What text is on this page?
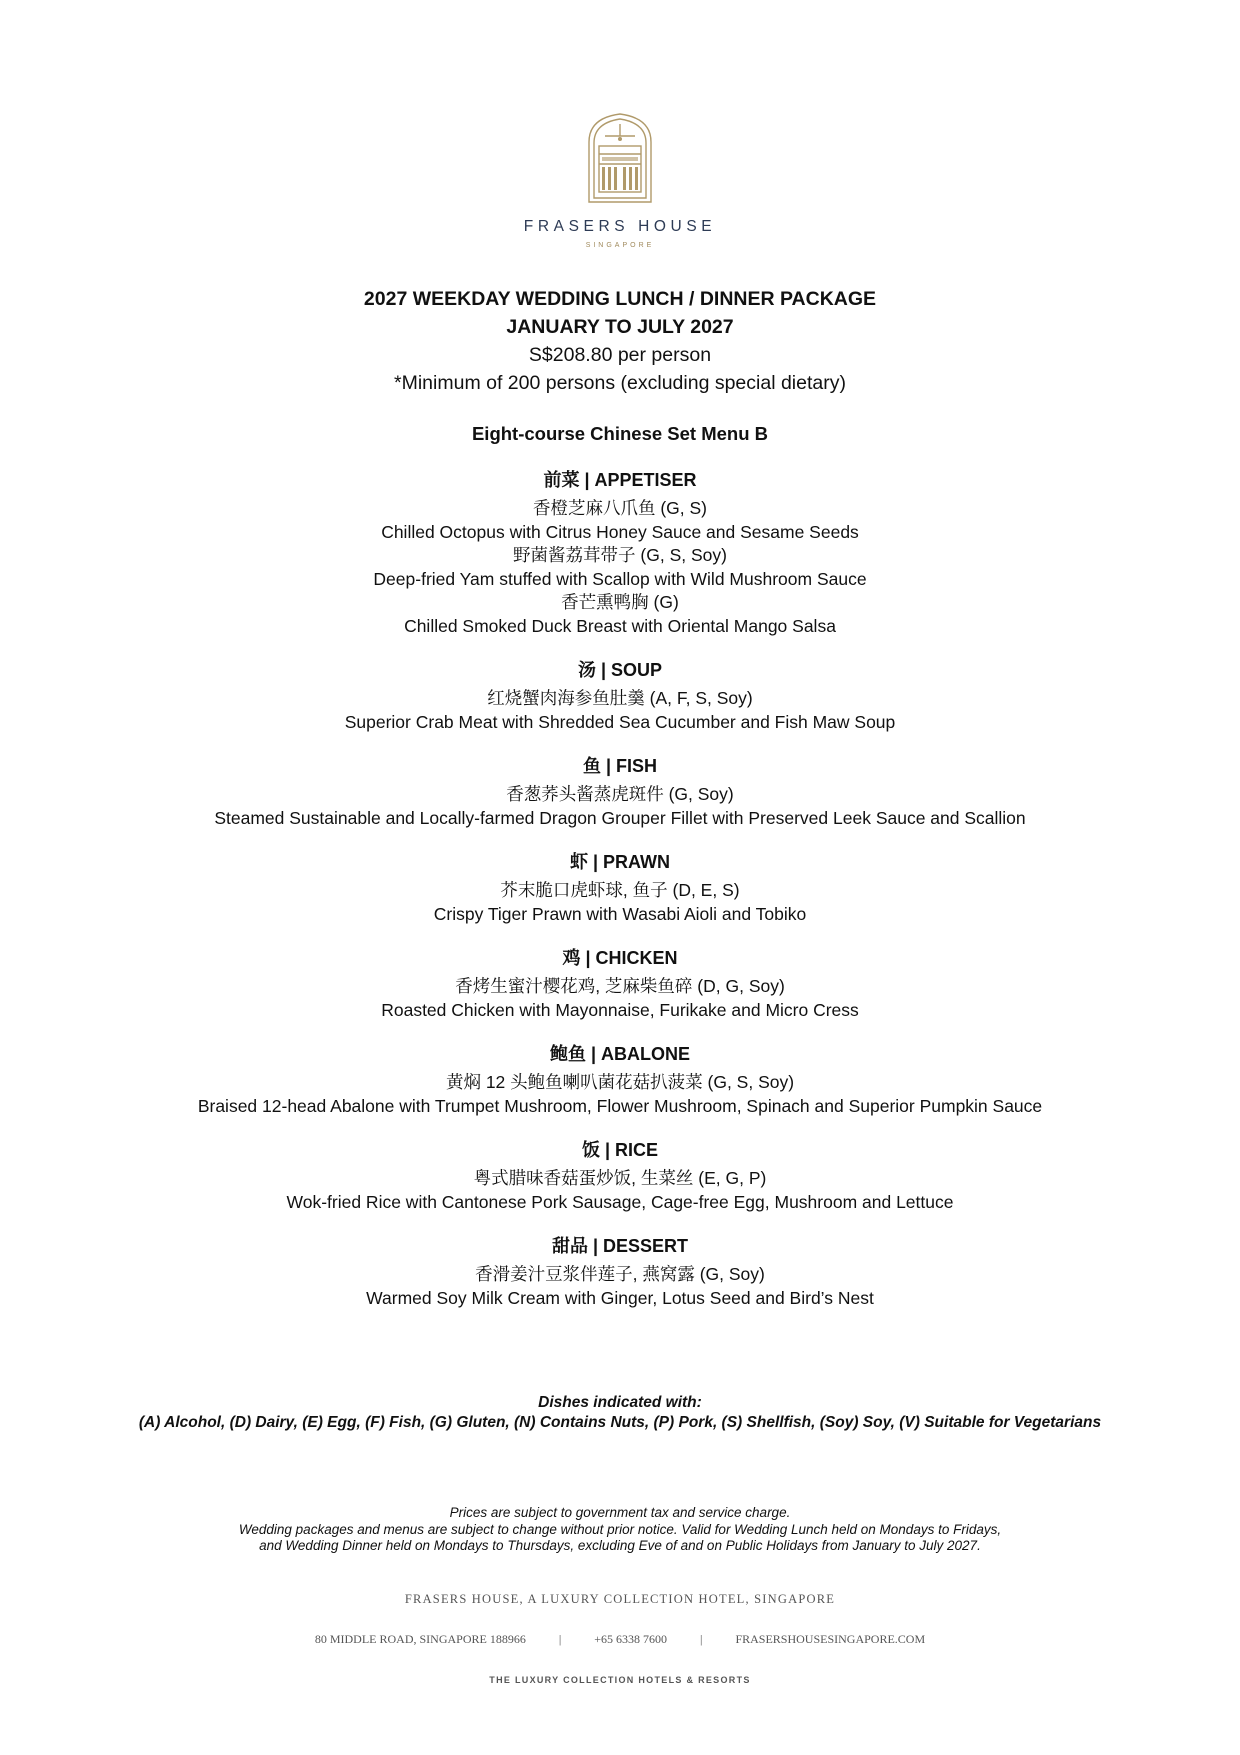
FRASERS HOUSE
SINGAPORE
2027 WEEKDAY WEDDING LUNCH / DINNER PACKAGE
JANUARY TO JULY 2027
S$208.80 per person
*Minimum of 200 persons (excluding special dietary)
Eight-course Chinese Set Menu B
前菜 | APPETISER
香橙芝麻八爪鱼 (G, S)
Chilled Octopus with Citrus Honey Sauce and Sesame Seeds
野菌酱荔茸带子 (G, S, Soy)
Deep-fried Yam stuffed with Scallop with Wild Mushroom Sauce
香芒熏鸭胸 (G)
Chilled Smoked Duck Breast with Oriental Mango Salsa
汤 | SOUP
红烧蟹肉海参鱼肚羹 (A, F, S, Soy)
Superior Crab Meat with Shredded Sea Cucumber and Fish Maw Soup
鱼 | FISH
香葱荞头酱蒸虎斑件 (G, Soy)
Steamed Sustainable and Locally-farmed Dragon Grouper Fillet with Preserved Leek Sauce and Scallion
虾 | PRAWN
芥末脆口虎虾球, 鱼子 (D, E, S)
Crispy Tiger Prawn with Wasabi Aioli and Tobiko
鸡 | CHICKEN
香烤生蜜汁樱花鸡, 芝麻柴鱼碎 (D, G, Soy)
Roasted Chicken with Mayonnaise, Furikake and Micro Cress
鲍鱼 | ABALONE
黄焖 12 头鲍鱼喇叭菌花菇扒菠菜 (G, S, Soy)
Braised 12-head Abalone with Trumpet Mushroom, Flower Mushroom, Spinach and Superior Pumpkin Sauce
饭 | RICE
粤式腊味香菇蛋炒饭, 生菜丝 (E, G, P)
Wok-fried Rice with Cantonese Pork Sausage, Cage-free Egg, Mushroom and Lettuce
甜品 | DESSERT
香滑姜汁豆浆伴莲子, 燕窝露 (G, Soy)
Warmed Soy Milk Cream with Ginger, Lotus Seed and Bird’s Nest
Dishes indicated with:
(A) Alcohol, (D) Dairy, (E) Egg, (F) Fish, (G) Gluten, (N) Contains Nuts, (P) Pork, (S) Shellfish, (Soy) Soy, (V) Suitable for Vegetarians
Prices are subject to government tax and service charge.
Wedding packages and menus are subject to change without prior notice. Valid for Wedding Lunch held on Mondays to Fridays,
and Wedding Dinner held on Mondays to Thursdays, excluding Eve of and on Public Holidays from January to July 2027.
FRASERS HOUSE, A LUXURY COLLECTION HOTEL, SINGAPORE
80 MIDDLE ROAD, SINGAPORE 188966	|	+65 6338 7600	|	FRASERSHOUSESINGAPORE.COM
THE LUXURY COLLECTION HOTELS & RESORTS
